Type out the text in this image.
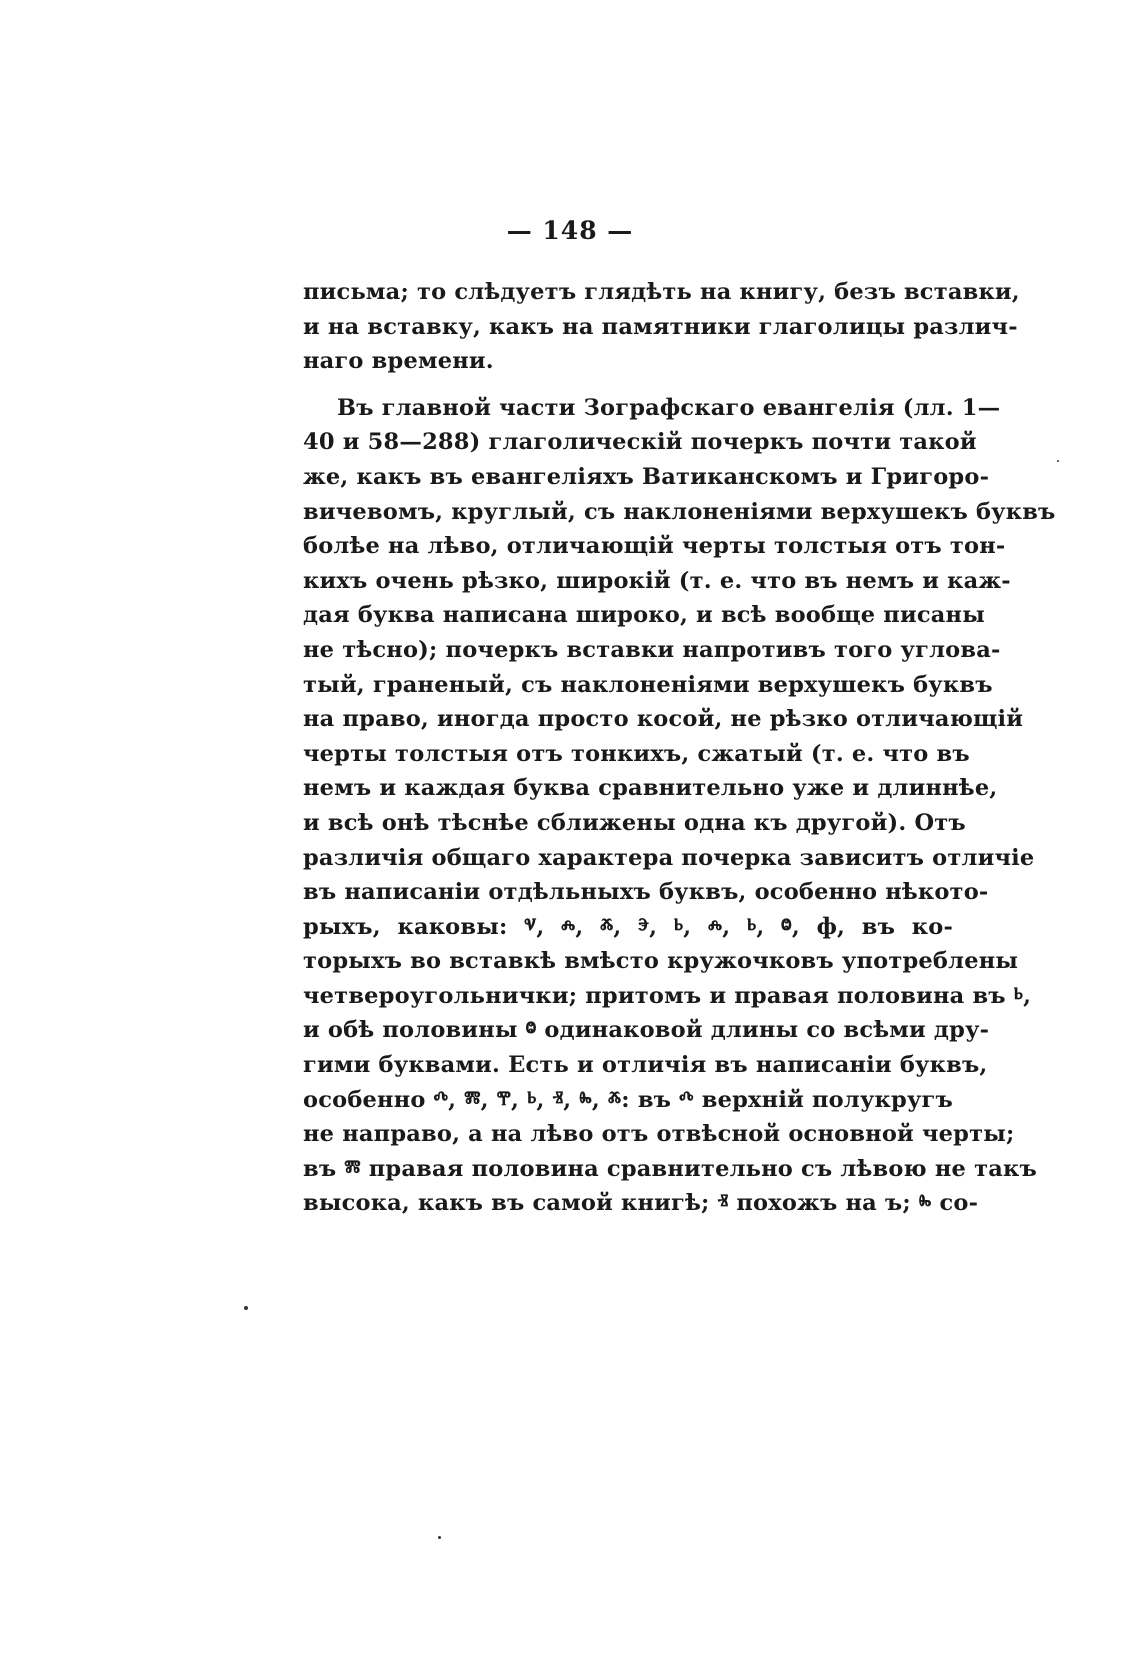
— 148 —
письма; то слѣдуетъ глядѣть на книгу, безъ вставки,
и на вставку, какъ на памятники глаголицы различ-
наго времени.
Въ главной части Зографскаго евангелія (лл. 1—
40 и 58—288) глаголическій почеркъ почти такой
же, какъ въ евангеліяхъ Ватиканскомъ и Григоро-
вичевомъ, круглый, съ наклоненіями верхушекъ буквъ
болѣе на лѣво, отличающій черты толстыя отъ тон-
кихъ очень рѣзко, широкій (т. е. что въ немъ и каж-
дая буква написана широко, и всѣ вообще писаны
не тѣсно); почеркъ вставки напротивъ того углова-
тый, граненый, съ наклоненіями верхушекъ буквъ
на право, иногда просто косой, не рѣзко отличающій
черты толстыя отъ тонкихъ, сжатый (т. е. что въ
немъ и каждая буква сравнительно уже и длиннѣе,
и всѣ онѣ тѣснѣе сближены одна къ другой). Отъ
различія общаго характера почерка зависитъ отличіе
въ написаніи отдѣльныхъ буквъ, особенно нѣкото-
рыхъ, каковы: ⱌ, ⰾ, ⰶ, ⰵ, ⱃ, ⰾ, ⱃ, ⱉ, ф, въ ко-
торыхъ во вставкѣ вмѣсто кружочковъ употреблены
четвероугольнички; притомъ и правая половина въ ⱃ,
и обѣ половины ⱉ одинаковой длины со всѣми дру-
гими буквами. Есть и отличія въ написаніи буквъ,
особенно ⰴ, ⰿ, ⰹ, ⱃ, ⱐ, ⰸ, ⰶ: въ ⰴ верхній полукругъ
не направо, а на лѣво отъ отвѣсной основной черты;
въ ⰿ правая половина сравнительно съ лѣвою не такъ
высока, какъ въ самой книгѣ; ⱐ похожъ на ъ; ⰸ со-
